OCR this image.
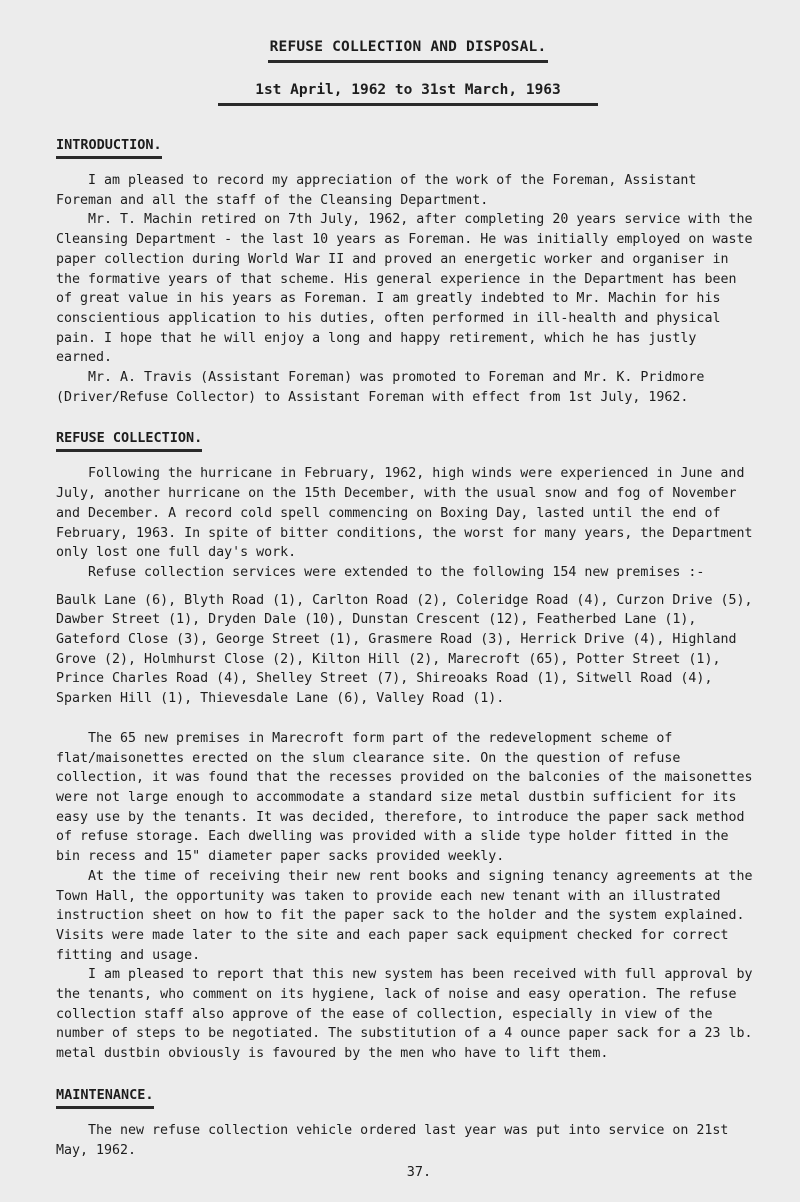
REFUSE COLLECTION AND DISPOSAL.
1st April, 1962 to 31st March, 1963
INTRODUCTION.

I am pleased to record my appreciation of the work of the Foreman, Assistant Foreman and all the staff of the Cleansing Department.

Mr. T. Machin retired on 7th July, 1962, after completing 20 years service with the Cleansing Department - the last 10 years as Foreman. He was initially employed on waste paper collection during World War II and proved an energetic worker and organiser in the formative years of that scheme. His general experience in the Department has been of great value in his years as Foreman. I am greatly indebted to Mr. Machin for his conscientious application to his duties, often performed in ill-health and physical pain. I hope that he will enjoy a long and happy retirement, which he has justly earned.

Mr. A. Travis (Assistant Foreman) was promoted to Foreman and Mr. K. Pridmore (Driver/Refuse Collector) to Assistant Foreman with effect from 1st July, 1962.

REFUSE COLLECTION.

Following the hurricane in February, 1962, high winds were experienced in June and July, another hurricane on the 15th December, with the usual snow and fog of November and December. A record cold spell commencing on Boxing Day, lasted until the end of February, 1963. In spite of bitter conditions, the worst for many years, the Department only lost one full day's work.

Refuse collection services were extended to the following 154 new premises :-

Baulk Lane (6), Blyth Road (1), Carlton Road (2), Coleridge Road (4), Curzon Drive (5), Dawber Street (1), Dryden Dale (10), Dunstan Crescent (12), Featherbed Lane (1), Gateford Close (3), George Street (1), Grasmere Road (3), Herrick Drive (4), Highland Grove (2), Holmhurst Close (2), Kilton Hill (2), Marecroft (65), Potter Street (1), Prince Charles Road (4), Shelley Street (7), Shireoaks Road (1), Sitwell Road (4), Sparken Hill (1), Thievesdale Lane (6), Valley Road (1).

The 65 new premises in Marecroft form part of the redevelopment scheme of flat/maisonettes erected on the slum clearance site. On the question of refuse collection, it was found that the recesses provided on the balconies of the maisonettes were not large enough to accommodate a standard size metal dustbin sufficient for its easy use by the tenants. It was decided, therefore, to introduce the paper sack method of refuse storage. Each dwelling was provided with a slide type holder fitted in the bin recess and 15" diameter paper sacks provided weekly.

At the time of receiving their new rent books and signing tenancy agreements at the Town Hall, the opportunity was taken to provide each new tenant with an illustrated instruction sheet on how to fit the paper sack to the holder and the system explained. Visits were made later to the site and each paper sack equipment checked for correct fitting and usage.

I am pleased to report that this new system has been received with full approval by the tenants, who comment on its hygiene, lack of noise and easy operation. The refuse collection staff also approve of the ease of collection, especially in view of the number of steps to be negotiated. The substitution of a 4 ounce paper sack for a 23 lb. metal dustbin obviously is favoured by the men who have to lift them.

MAINTENANCE.

The new refuse collection vehicle ordered last year was put into service on 21st May, 1962.

37.
